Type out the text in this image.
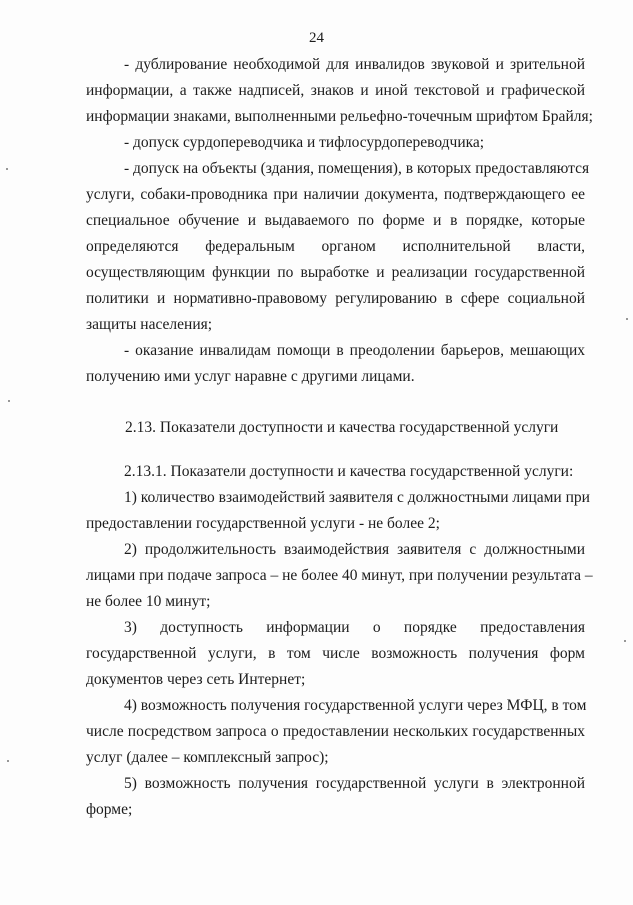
24
- дублирование необходимой для инвалидов звуковой и зрительной
информации, а также надписей, знаков и иной текстовой и графической
информации знаками, выполненными рельефно-точечным шрифтом Брайля;
- допуск сурдопереводчика и тифлосурдопереводчика;
- допуск на объекты (здания, помещения), в которых предоставляются
услуги, собаки-проводника при наличии документа, подтверждающего ее
специальное обучение и выдаваемого по форме и в порядке, которые
определяются федеральным органом исполнительной власти,
осуществляющим функции по выработке и реализации государственной
политики и нормативно-правовому регулированию в сфере социальной
защиты населения;
- оказание инвалидам помощи в преодолении барьеров, мешающих
получению ими услуг наравне с другими лицами.
2.13. Показатели доступности и качества государственной услуги
2.13.1. Показатели доступности и качества государственной услуги:
1) количество взаимодействий заявителя с должностными лицами при
предоставлении государственной услуги - не более 2;
2) продолжительность взаимодействия заявителя с должностными
лицами при подаче запроса – не более 40 минут, при получении результата –
не более 10 минут;
3) доступность информации о порядке предоставления
государственной услуги, в том числе возможность получения форм
документов через сеть Интернет;
4) возможность получения государственной услуги через МФЦ, в том
числе посредством запроса о предоставлении нескольких государственных
услуг (далее – комплексный запрос);
5) возможность получения государственной услуги в электронной
форме;
